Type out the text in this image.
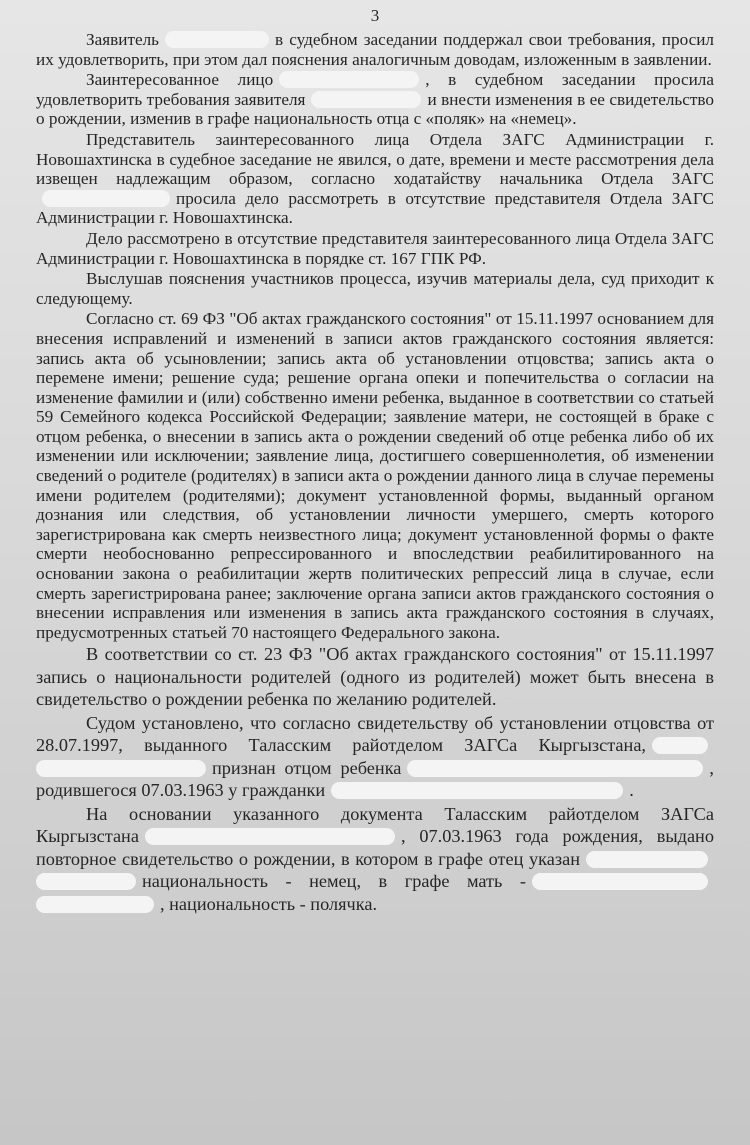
3

Заявитель	в судебном заседании поддержал свои требования, просил их удовлетворить, при этом дал пояснения аналогичным доводам, изложенным в заявлении.

Заинтересованное лицо	, в судебном заседании просила удовлетворить требования заявителя	и внести изменения в ее свидетельство о рождении, изменив в графе национальность отца с «поляк» на «немец».

Представитель заинтересованного лица Отдела ЗАГС Администрации г. Новошахтинска в судебное заседание не явился, о дате, времени и месте рассмотрения дела извещен надлежащим образом, согласно ходатайству начальника Отдела ЗАГСпросила дело рассмотреть в отсутствие представителя Отдела ЗАГС Администрации г. Новошахтинска.

Дело рассмотрено в отсутствие представителя заинтересованного лица Отдела ЗАГС Администрации г. Новошахтинска в порядке ст. 167 ГПК РФ.

Выслушав пояснения участников процесса, изучив материалы дела, суд приходит к следующему.

Согласно ст. 69 ФЗ "Об актах гражданского состояния" от 15.11.1997 основанием для внесения исправлений и изменений в записи актов гражданского состояния является: запись акта об усыновлении; запись акта об установлении отцовства; запись акта о перемене имени; решение суда; решение органа опеки и попечительства о согласии на изменение фамилии и (или) собственно имени ребенка, выданное в соответствии со статьей 59 Семейного кодекса Российской Федерации; заявление матери, не состоящей в браке с отцом ребенка, о внесении в запись акта о рождении сведений об отце ребенка либо об их изменении или исключении; заявление лица, достигшего совершеннолетия, об изменении сведений о родителе (родителях) в записи акта о рождении данного лица в случае перемены имени родителем (родителями); документ установленной формы, выданный органом дознания или следствия, об установлении личности умершего, смерть которого зарегистрирована как смерть неизвестного лица; документ установленной формы о факте смерти необоснованно репрессированного и впоследствии реабилитированного на основании закона о реабилитации жертв политических репрессий лица в случае, если смерть зарегистрирована ранее; заключение органа записи актов гражданского состояния о внесении исправления или изменения в запись акта гражданского состояния в случаях, предусмотренных статьей 70 настоящего Федерального закона.

В соответствии со ст. 23 ФЗ "Об актах гражданского состояния" от 15.11.1997 запись о национальности родителей (одного из родителей) может быть внесена в свидетельство о рождении ребенка по желанию родителей.

Судом установлено, что согласно свидетельству об установлении отцовства от 28.07.1997, выданного Таласским райотделом ЗАГСа Кыргызстана,признан отцом ребенка	, родившегося 07.03.1963 у гражданки	.

На основании указанного документа Таласским райотделом ЗАГСа Кыргызстана	, 07.03.1963 года рождения, выдано повторное свидетельство о рождении, в котором в графе отец указаннациональность - немец, в графе мать -, национальность - полячка.
